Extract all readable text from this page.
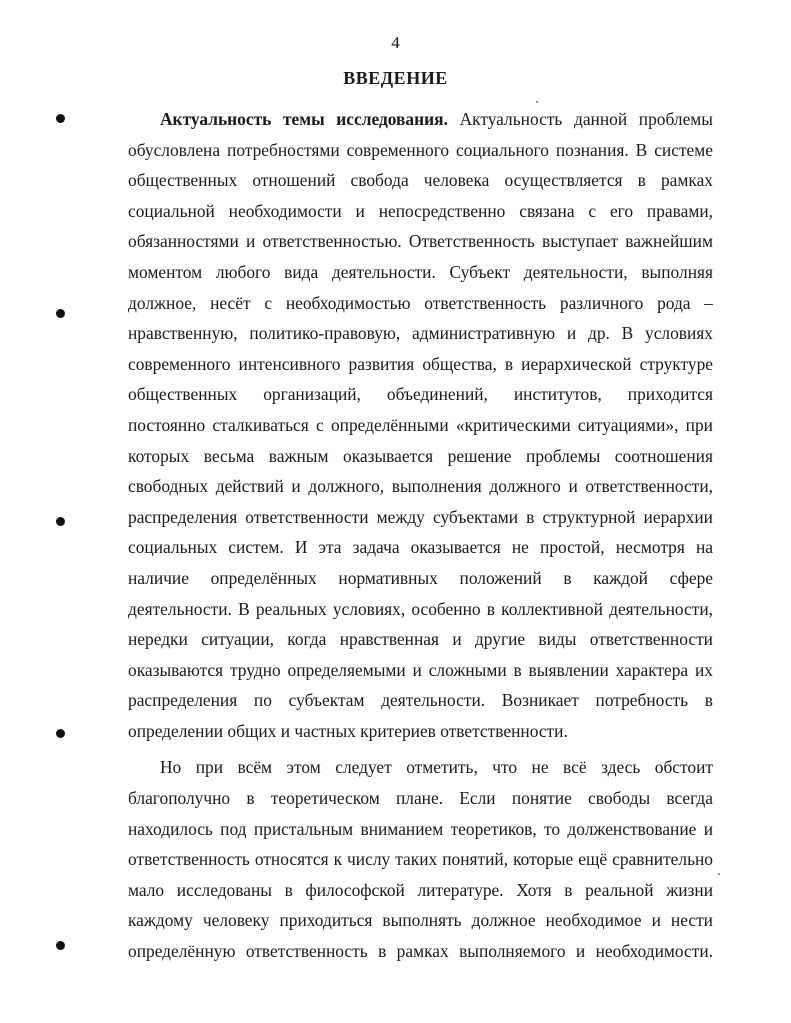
4
ВВЕДЕНИЕ
Актуальность темы исследования. Актуальность данной проблемы
обусловлена потребностями современного социального познания. В системе
общественных отношений свобода человека осуществляется в рамках
социальной необходимости и непосредственно связана с его правами,
обязанностями и ответственностью. Ответственность выступает важнейшим
моментом любого вида деятельности. Субъект деятельности, выполняя
должное, несёт с необходимостью ответственность различного рода –
нравственную, политико-правовую, административную и др. В условиях
современного интенсивного развития общества, в иерархической структуре
общественных организаций, объединений, институтов, приходится
постоянно сталкиваться с определёнными «критическими ситуациями», при
которых весьма важным оказывается решение проблемы соотношения
свободных действий и должного, выполнения должного и ответственности,
распределения ответственности между субъектами в структурной иерархии
социальных систем. И эта задача оказывается не простой, несмотря на
наличие определённых нормативных положений в каждой сфере
деятельности. В реальных условиях, особенно в коллективной деятельности,
нередки ситуации, когда нравственная и другие виды ответственности
оказываются трудно определяемыми и сложными в выявлении характера их
распределения по субъектам деятельности. Возникает потребность в
определении общих и частных критериев ответственности.
Но при всём этом следует отметить, что не всё здесь обстоит
благополучно в теоретическом плане. Если понятие свободы всегда
находилось под пристальным вниманием теоретиков, то долженствование и
ответственность относятся к числу таких понятий, которые ещё сравнительно
мало исследованы в философской литературе. Хотя в реальной жизни
каждому человеку приходиться выполнять должное необходимое и нести
определённую ответственность в рамках выполняемого и необходимости.
